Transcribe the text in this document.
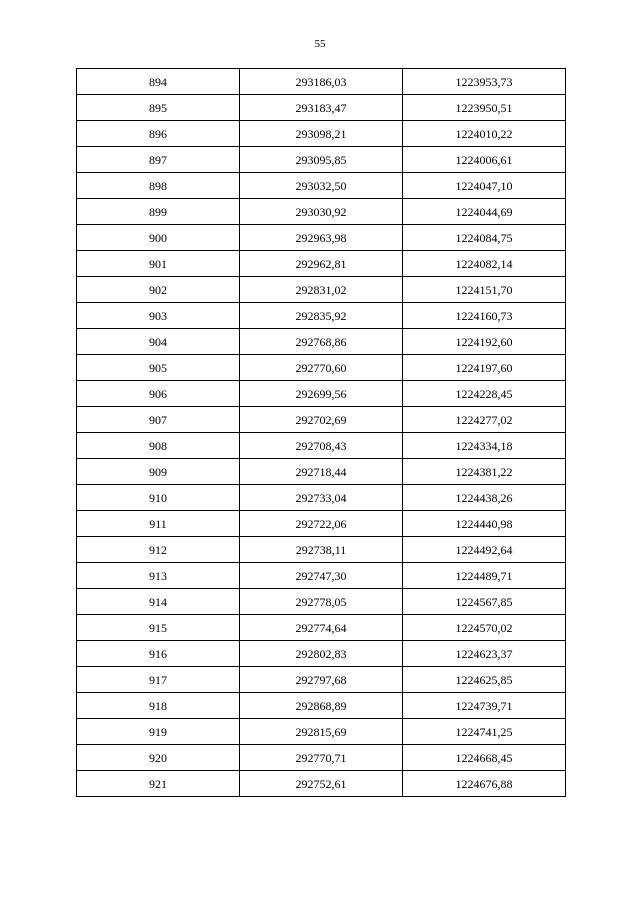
55
894	293186,03	1223953,73
895	293183,47	1223950,51
896	293098,21	1224010,22
897	293095,85	1224006,61
898	293032,50	1224047,10
899	293030,92	1224044,69
900	292963,98	1224084,75
901	292962,81	1224082,14
902	292831,02	1224151,70
903	292835,92	1224160,73
904	292768,86	1224192,60
905	292770,60	1224197,60
906	292699,56	1224228,45
907	292702,69	1224277,02
908	292708,43	1224334,18
909	292718,44	1224381,22
910	292733,04	1224438,26
911	292722,06	1224440,98
912	292738,11	1224492,64
913	292747,30	1224489,71
914	292778,05	1224567,85
915	292774,64	1224570,02
916	292802,83	1224623,37
917	292797,68	1224625,85
918	292868,89	1224739,71
919	292815,69	1224741,25
920	292770,71	1224668,45
921	292752,61	1224676,88
